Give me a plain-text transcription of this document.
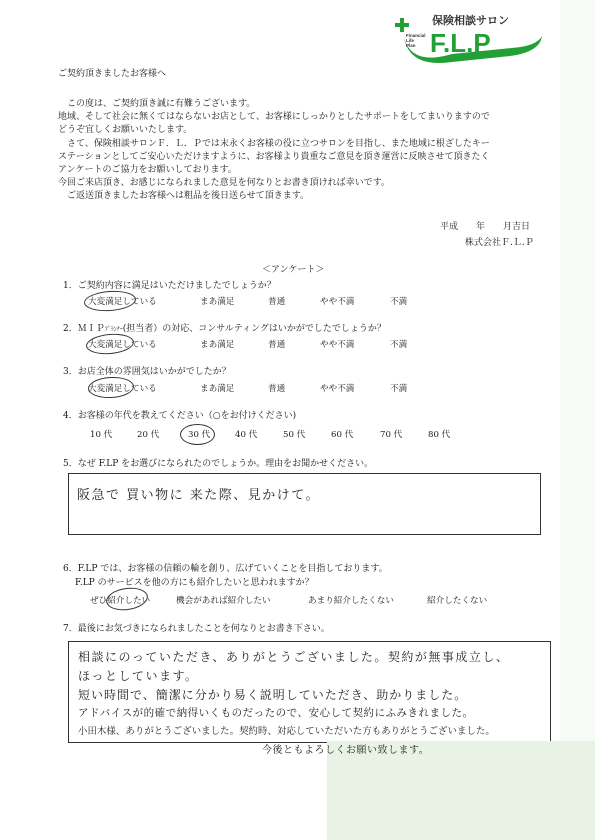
保険相談サロン
Financial
Life
Plan F.L.P
ご契約頂きましたお客様へ
　この度は、ご契約頂き誠に有難うございます。
地域、そして社会に無くてはならないお店として、お客様にしっかりとしたサポートをしてまいりますので
どうぞ宜しくお願いいたします。
　さて、保険相談サロンＦ．Ｌ．Ｐでは末永くお客様の役に立つサロンを目指し、また地域に根ざしたキー
ステーションとしてご安心いただけますように、お客様より貴重なご意見を頂き運営に反映させて頂きたく
アンケートのご協力をお願いしております。
今回ご来店頂き、お感じになられました意見を何なりとお書き頂ければ幸いです。
　ご返送頂きましたお客様へは粗品を後日送らせて頂きます。
平成　　年　　月吉日
株式会社Ｆ.Ｌ.Ｐ
＜アンケート＞
1．ご契約内容に満足はいただけましたでしょうか？
大変満足している	まあ満足	普通	やや不満	不満
2．ＭＩＰﾌﾟﾗﾝﾅｰ(担当者）の対応、コンサルティングはいかがでしたでしょうか？
大変満足している	まあ満足	普通	やや不満	不満
3．お店全体の雰囲気はいかがでしたか？
大変満足している	まあ満足	普通	やや不満	不満
4．お客様の年代を教えてください（○をお付けください)
10 代	20 代	30 代	40 代	50 代	60 代	70 代	80 代
5．なぜ F.LP をお選びになられたのでしょうか。理由をお聞かせください。
阪急で 買い物に 来た際、見かけて。
6．F.LP では、お客様の信頼の輪を創り、広げていくことを目指しております。
F.LP のサービスを他の方にも紹介したいと思われますか？
ぜひ紹介したい	機会があれば紹介したい	あまり紹介したくない	紹介したくない
7．最後にお気づきになられましたことを何なりとお書き下さい。
相談にのっていただき、ありがとうございました。契約が無事成立し、
ほっとしています。
短い時間で、簡潔に分かり易く説明していただき、助かりました。
アドバイスが的確で納得いくものだったので、安心して契約にふみきれました。
小田木様、ありがとうございました。契約時、対応していただいた方もありがとうございました。
今後ともよろしくお願い致します。
